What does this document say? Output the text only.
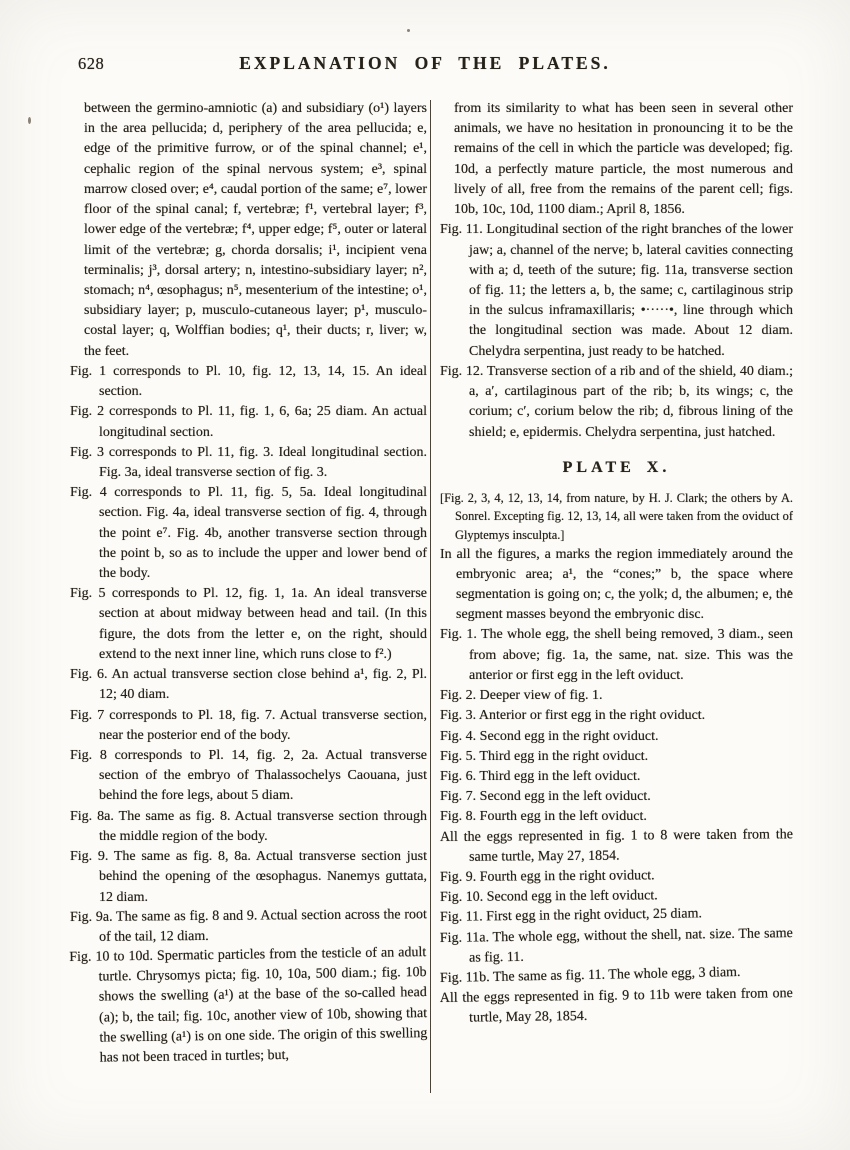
628	EXPLANATION OF THE PLATES.

between the germino-amniotic (a) and subsidiary (o¹) layers in the area pellucida; d, periphery of the area pellucida; e, edge of the primitive furrow, or of the spinal channel; e¹, cephalic region of the spinal nervous system; e³, spinal marrow closed over; e⁴, caudal portion of the same; e⁷, lower floor of the spinal canal; f, vertebræ; f¹, vertebral layer; f³, lower edge of the vertebræ; f⁴, upper edge; f⁵, outer or lateral limit of the vertebræ; g, chorda dorsalis; i¹, incipient vena terminalis; j³, dorsal artery; n, intestino-subsidiary layer; n², stomach; n⁴, œsophagus; n⁵, mesenterium of the intestine; o¹, subsidiary layer; p, musculo-cutaneous layer; p¹, musculo-costal layer; q, Wolffian bodies; q¹, their ducts; r, liver; w, the feet.

Fig. 1 corresponds to Pl. 10, fig. 12, 13, 14, 15. An ideal section.

Fig. 2 corresponds to Pl. 11, fig. 1, 6, 6a; 25 diam. An actual longitudinal section.

Fig. 3 corresponds to Pl. 11, fig. 3. Ideal longitudinal section. Fig. 3a, ideal transverse section of fig. 3.

Fig. 4 corresponds to Pl. 11, fig. 5, 5a. Ideal longitudinal section. Fig. 4a, ideal transverse section of fig. 4, through the point e⁷. Fig. 4b, another transverse section through the point b, so as to include the upper and lower bend of the body.

Fig. 5 corresponds to Pl. 12, fig. 1, 1a. An ideal transverse section at about midway between head and tail. (In this figure, the dots from the letter e, on the right, should extend to the next inner line, which runs close to f².)

Fig. 6. An actual transverse section close behind a¹, fig. 2, Pl. 12; 40 diam.

Fig. 7 corresponds to Pl. 18, fig. 7. Actual transverse section, near the posterior end of the body.

Fig. 8 corresponds to Pl. 14, fig. 2, 2a. Actual transverse section of the embryo of Thalassochelys Caouana, just behind the fore legs, about 5 diam.

Fig. 8a. The same as fig. 8. Actual transverse section through the middle region of the body.

Fig. 9. The same as fig. 8, 8a. Actual transverse section just behind the opening of the œsophagus. Nanemys guttata, 12 diam.

Fig. 9a. The same as fig. 8 and 9. Actual section across the root of the tail, 12 diam.

Fig. 10 to 10d. Spermatic particles from the testicle of an adult turtle. Chrysomys picta; fig. 10, 10a, 500 diam.; fig. 10b shows the swelling (a¹) at the base of the so-called head (a); b, the tail; fig. 10c, another view of 10b, showing that the swelling (a¹) is on one side. The origin of this swelling has not been traced in turtles; but,

from its similarity to what has been seen in several other animals, we have no hesitation in pronouncing it to be the remains of the cell in which the particle was developed; fig. 10d, a perfectly mature particle, the most numerous and lively of all, free from the remains of the parent cell; figs. 10b, 10c, 10d, 1100 diam.; April 8, 1856.

Fig. 11. Longitudinal section of the right branches of the lower jaw; a, channel of the nerve; b, lateral cavities connecting with a; d, teeth of the suture; fig. 11a, transverse section of fig. 11; the letters a, b, the same; c, cartilaginous strip in the sulcus inframaxillaris; •·····•, line through which the longitudinal section was made. About 12 diam. Chelydra serpentina, just ready to be hatched.

Fig. 12. Transverse section of a rib and of the shield, 40 diam.; a, a′, cartilaginous part of the rib; b, its wings; c, the corium; c′, corium below the rib; d, fibrous lining of the shield; e, epidermis. Chelydra serpentina, just hatched.

PLATE X.

[Fig. 2, 3, 4, 12, 13, 14, from nature, by H. J. Clark; the others by A. Sonrel. Excepting fig. 12, 13, 14, all were taken from the oviduct of Glyptemys insculpta.]

In all the figures, a marks the region immediately around the embryonic area; a¹, the “cones;” b, the space where segmentation is going on; c, the yolk; d, the albumen; e, the segment masses beyond the embryonic disc.

Fig. 1. The whole egg, the shell being removed, 3 diam., seen from above; fig. 1a, the same, nat. size. This was the anterior or first egg in the left oviduct.

Fig. 2. Deeper view of fig. 1.

Fig. 3. Anterior or first egg in the right oviduct.

Fig. 4. Second egg in the right oviduct.

Fig. 5. Third egg in the right oviduct.

Fig. 6. Third egg in the left oviduct.

Fig. 7. Second egg in the left oviduct.

Fig. 8. Fourth egg in the left oviduct.

All the eggs represented in fig. 1 to 8 were taken from the same turtle, May 27, 1854.

Fig. 9. Fourth egg in the right oviduct.

Fig. 10. Second egg in the left oviduct.

Fig. 11. First egg in the right oviduct, 25 diam.

Fig. 11a. The whole egg, without the shell, nat. size. The same as fig. 11.

Fig. 11b. The same as fig. 11. The whole egg, 3 diam.

All the eggs represented in fig. 9 to 11b were taken from one turtle, May 28, 1854.
